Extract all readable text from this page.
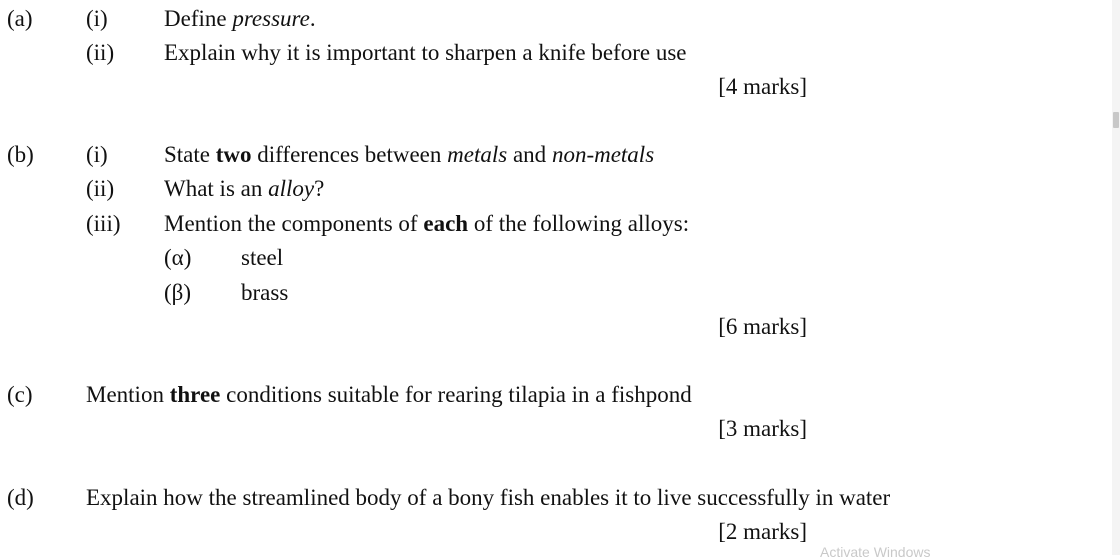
(a) (i) Define pressure.
(ii) Explain why it is important to sharpen a knife before use
[4 marks]
(b) (i) State two differences between metals and non-metals
(ii) What is an alloy?
(iii) Mention the components of each of the following alloys:
(α) steel
(β) brass
[6 marks]
(c) Mention three conditions suitable for rearing tilapia in a fishpond
[3 marks]
(d) Explain how the streamlined body of a bony fish enables it to live successfully in water
[2 marks]
Activate Windows
